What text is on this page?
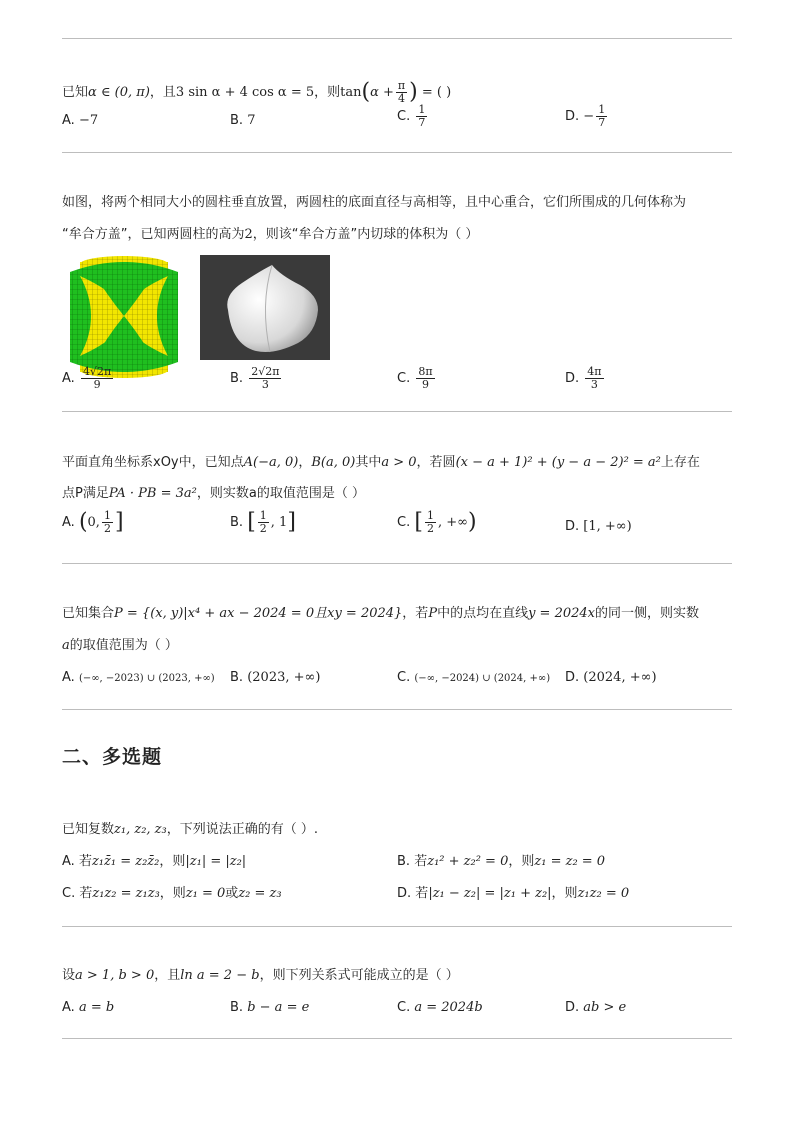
已知α ∈ (0, π)，且3 sin α + 4 cos α = 5，则$\tan(\alpha + \frac{\pi}{4}$ ) = ( )
A. −7	B. 7	C. $\frac{1}{7}$	D. − $\frac{1}{7}$
如图，将两个相同大小的圆柱垂直放置，两圆柱的底面直径与高相等，且中心重合，它们所围成的几何体称为
“牟合方盖”，已知两圆柱的高为2，则该“牟合方盖”内切球的体积为（ ）
A. $\frac{4√2\pi}{9}$	B. $\frac{2√2\pi}{3}$	C. $\frac{8\pi}{9}$	D. $\frac{4\pi}{3}$
平面直角坐标系xOy中，已知点A(−a, 0)，B(a, 0)其中a > 0，若圆(x − a + 1)² + (y − a − 2)² = a²上存在
点P满足PA · PB = 3a²，则实数a的取值范围是（ ）
A. (0, $\frac{1}{2}$ ]	B. [ $\frac{1}{2}$ , 1]	C. [ $\frac{1}{2}$ , +∞)	D. [1, +∞)
已知集合P = {(x, y)|x⁴ + ax − 2024 = 0且xy = 2024}，若P中的点均在直线y = 2024x的同一侧，则实数
a的取值范围为（ ）
A. (−∞, −2023) ∪ (2023, +∞) B. (2023, +∞)	C. (−∞, −2024) ∪ (2024, +∞) D. (2024, +∞)
二、多选题
已知复数z₁, z₂, z₃，下列说法正确的有（ ）.
A. 若z₁z̄₁ = z₂z̄₂，则|z₁| = |z₂|	B. 若z₁² + z₂² = 0，则z₁ = z₂ = 0
C. 若z₁z₂ = z₁z₃，则z₁ = 0或z₂ = z₃	D. 若|z₁ − z₂| = |z₁ + z₂|，则z₁z₂ = 0
设a > 1, b > 0，且ln a = 2 − b，则下列关系式可能成立的是（ ）
A. a = b	B. b − a = e	C. a = 2024b	D. ab > e
